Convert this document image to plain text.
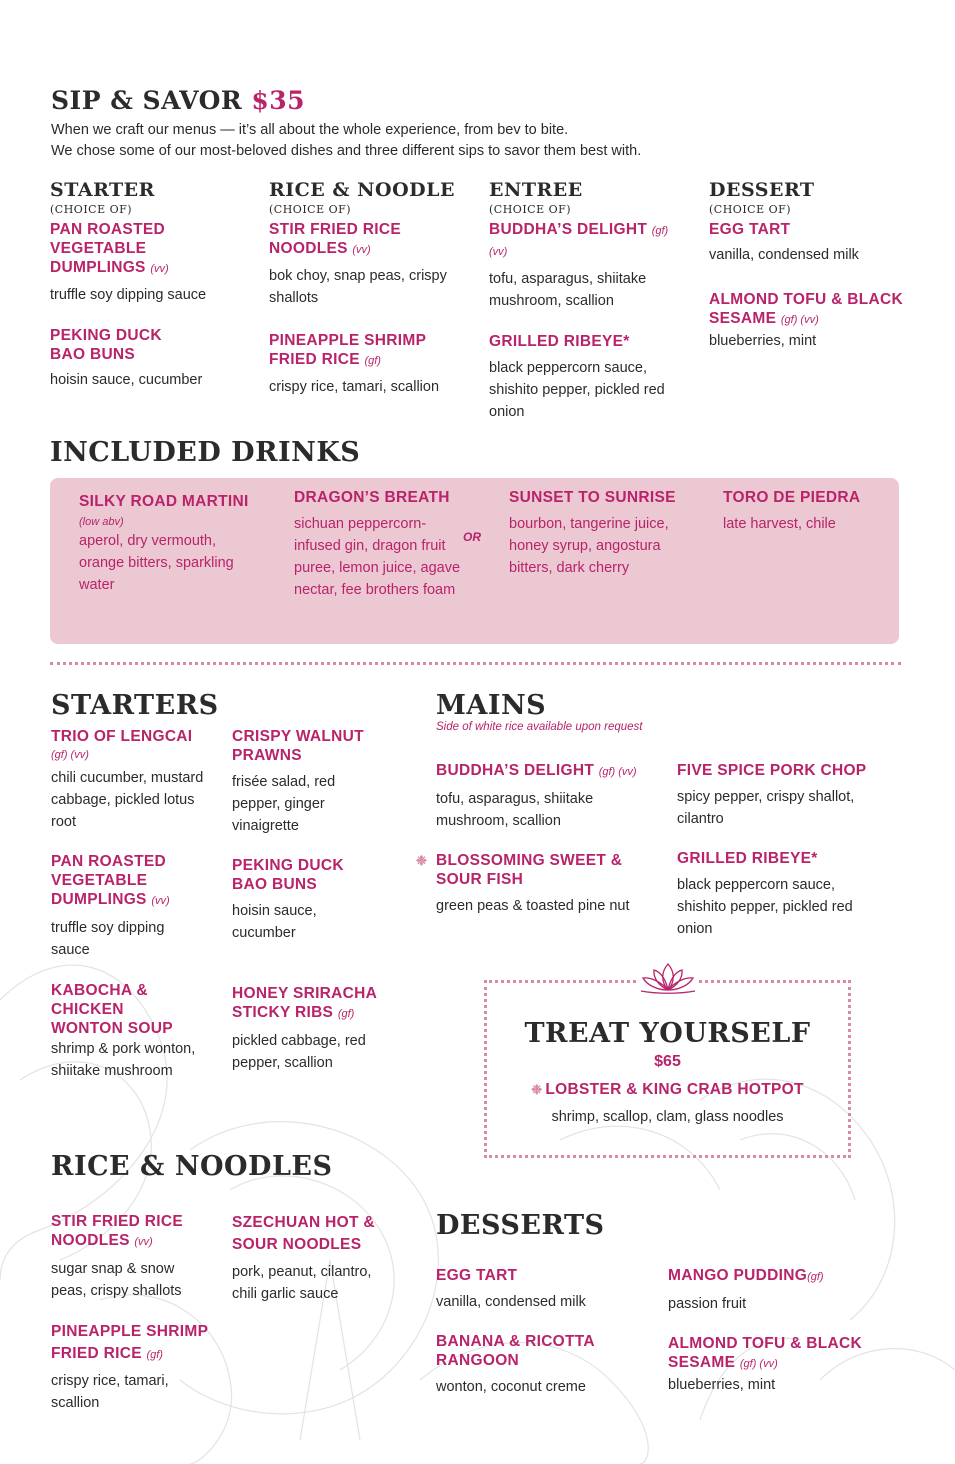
SIP & SAVOR $35
When we craft our menus — it’s all about the whole experience, from bev to bite.
We chose some of our most-beloved dishes and three different sips to savor them best with.
STARTER
(CHOICE OF)
PAN ROASTED VEGETABLE DUMPLINGS (vv)
truffle soy dipping sauce
PEKING DUCK BAO BUNS
hoisin sauce, cucumber
RICE & NOODLE
(CHOICE OF)
STIR FRIED RICE NOODLES (vv)
bok choy, snap peas, crispy shallots
PINEAPPLE SHRIMP FRIED RICE (gf)
crispy rice, tamari, scallion
ENTREE
(CHOICE OF)
BUDDHA’S DELIGHT (gf) (vv)
tofu, asparagus, shiitake mushroom, scallion
GRILLED RIBEYE*
black peppercorn sauce, shishito pepper, pickled red onion
DESSERT
(CHOICE OF)
EGG TART
vanilla, condensed milk
ALMOND TOFU & BLACK SESAME (gf) (vv)
blueberries, mint
INCLUDED DRINKS
SILKY ROAD MARTINI
(low abv)
aperol, dry vermouth, orange bitters, sparkling water
DRAGON’S BREATH
sichuan peppercorn-infused gin, dragon fruit puree, lemon juice, agave nectar, fee brothers foam
OR
SUNSET TO SUNRISE
bourbon, tangerine juice, honey syrup, angostura bitters, dark cherry
TORO DE PIEDRA
late harvest, chile
STARTERS
TRIO OF LENGCAI
(gf) (vv)
chili cucumber, mustard cabbage, pickled lotus root
PAN ROASTED VEGETABLE DUMPLINGS (vv)
truffle soy dipping sauce
KABOCHA & CHICKEN WONTON SOUP
shrimp & pork wonton, shiitake mushroom
CRISPY WALNUT PRAWNS
frisée salad, red pepper, ginger vinaigrette
PEKING DUCK BAO BUNS
hoisin sauce, cucumber
HONEY SRIRACHA STICKY RIBS (gf)
pickled cabbage, red pepper, scallion
MAINS
Side of white rice available upon request
BUDDHA’S DELIGHT (gf) (vv)
tofu, asparagus, shiitake mushroom, scallion
❉ BLOSSOMING SWEET & SOUR FISH
green peas & toasted pine nut
FIVE SPICE PORK CHOP
spicy pepper, crispy shallot, cilantro
GRILLED RIBEYE*
black peppercorn sauce, shishito pepper, pickled red onion
TREAT YOURSELF
$65
❉ LOBSTER & KING CRAB HOTPOT
shrimp, scallop, clam, glass noodles
RICE & NOODLES
STIR FRIED RICE NOODLES (vv)
sugar snap & snow peas, crispy shallots
PINEAPPLE SHRIMP FRIED RICE (gf)
crispy rice, tamari, scallion
SZECHUAN HOT & SOUR NOODLES
pork, peanut, cilantro, chili garlic sauce
DESSERTS
EGG TART
vanilla, condensed milk
BANANA & RICOTTA RANGOON
wonton, coconut creme
MANGO PUDDING(gf)
passion fruit
ALMOND TOFU & BLACK SESAME (gf) (vv)
blueberries, mint
